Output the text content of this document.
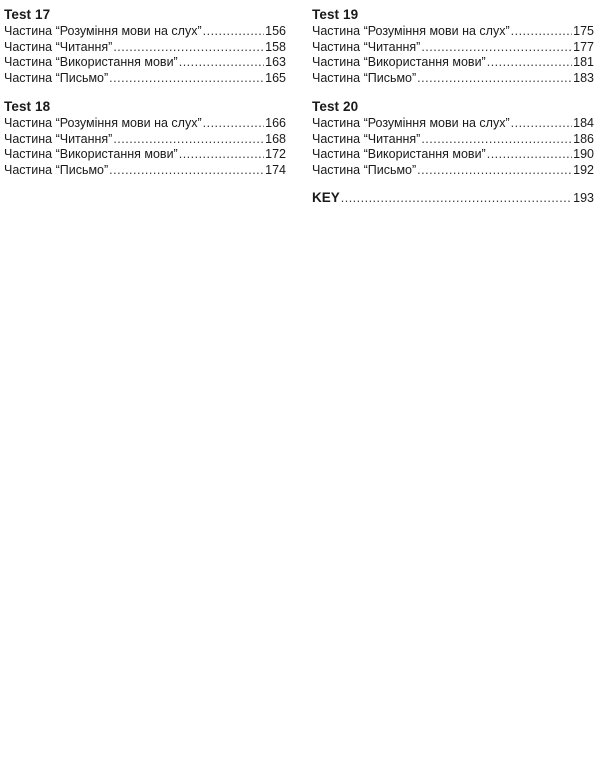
Test 17
Частина “Розуміння мови на слух” .....	156
Частина “Читання” .....	158
Частина “Використання мови” .....	163
Частина “Письмо” .....	165
Test 18
Частина “Розуміння мови на слух” .....	166
Частина “Читання” .....	168
Частина “Використання мови” .....	172
Частина “Письмо” .....	174
Test 19
Частина “Розуміння мови на слух” .....	175
Частина “Читання” .....	177
Частина “Використання мови” .....	181
Частина “Письмо” .....	183
Test 20
Частина “Розуміння мови на слух” .....	184
Частина “Читання” .....	186
Частина “Використання мови” .....	190
Частина “Письмо” .....	192
KEY .....	193
